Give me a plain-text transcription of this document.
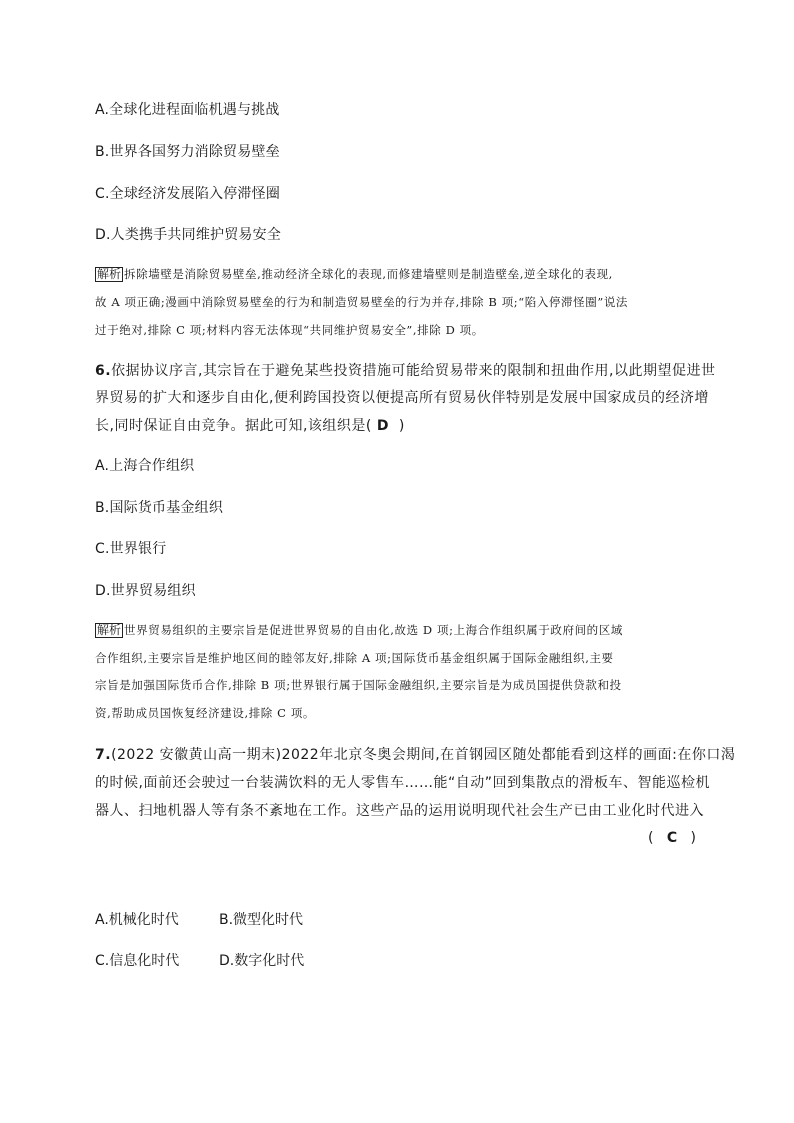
A.全球化进程面临机遇与挑战
B.世界各国努力消除贸易壁垒
C.全球经济发展陷入停滞怪圈
D.人类携手共同维护贸易安全
解析 拆除墙壁是消除贸易壁垒,推动经济全球化的表现,而修建墙壁则是制造壁垒,逆全球化的表现,
故 A 项正确;漫画中消除贸易壁垒的行为和制造贸易壁垒的行为并存,排除 B 项;“陷入停滞怪圈”说法
过于绝对,排除 C 项;材料内容无法体现“共同维护贸易安全”,排除 D 项。
6.依据协议序言,其宗旨在于避免某些投资措施可能给贸易带来的限制和扭曲作用,以此期望促进世
界贸易的扩大和逐步自由化,便利跨国投资以便提高所有贸易伙伴特别是发展中国家成员的经济增
长,同时保证自由竞争。据此可知,该组织是( D  )
A.上海合作组织
B.国际货币基金组织
C.世界银行
D.世界贸易组织
解析 世界贸易组织的主要宗旨是促进世界贸易的自由化,故选 D 项;上海合作组织属于政府间的区域
合作组织,主要宗旨是维护地区间的睦邻友好,排除 A 项;国际货币基金组织属于国际金融组织,主要
宗旨是加强国际货币合作,排除 B 项;世界银行属于国际金融组织,主要宗旨是为成员国提供贷款和投
资,帮助成员国恢复经济建设,排除 C 项。
7.(2022 安徽黄山高一期末)2022年北京冬奥会期间,在首钢园区随处都能看到这样的画面:在你口渴
的时候,面前还会驶过一台装满饮料的无人零售车……能“自动”回到集散点的滑板车、智能巡检机
器人、扫地机器人等有条不紊地在工作。这些产品的运用说明现代社会生产已由工业化时代进入
(   C   )
A.机械化时代	B.微型化时代
C.信息化时代	D.数字化时代
